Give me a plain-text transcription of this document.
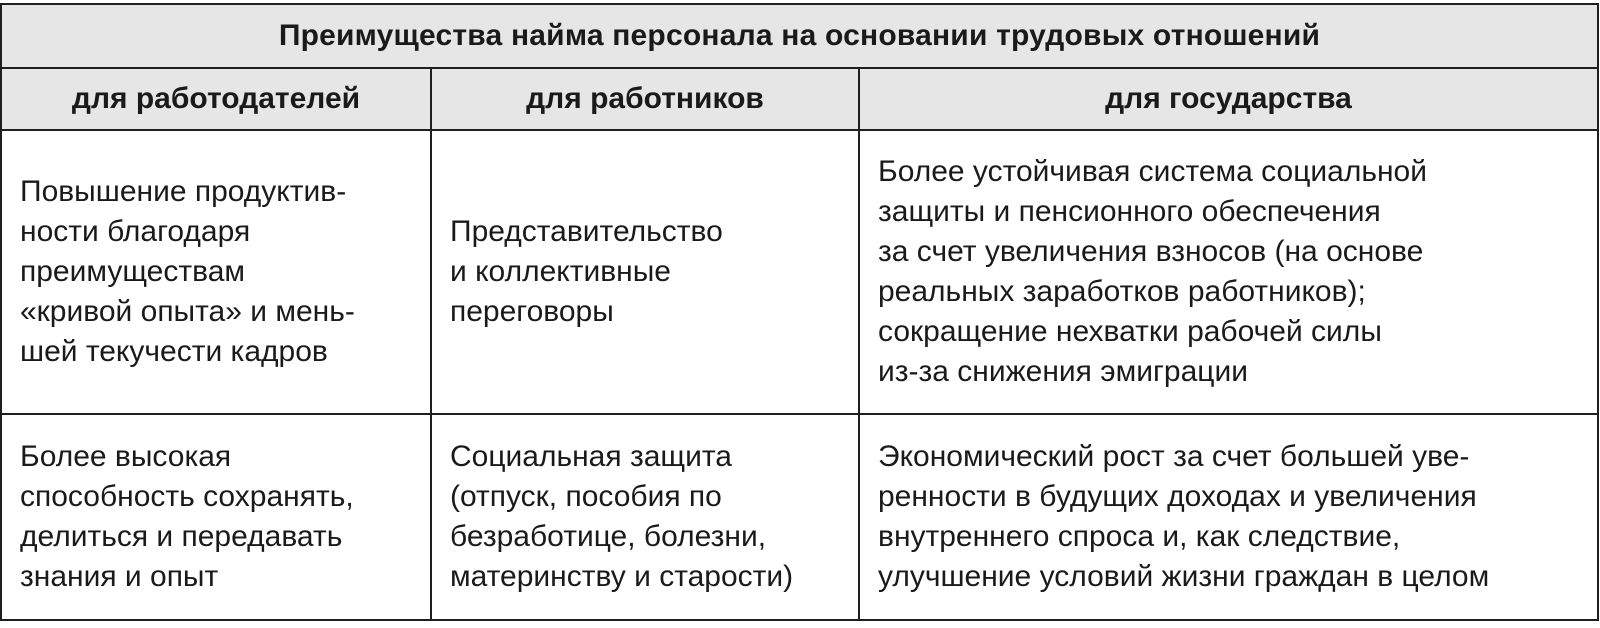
Преимущества найма персонала на основании трудовых отношений
для работодателей	для работников	для государства
Повышение продуктив-
ности благодаря
преимуществам
«кривой опыта» и мень-
шей текучести кадров
Представительство
и коллективные
переговоры
Более устойчивая система социальной
защиты и пенсионного обеспечения
за счет увеличения взносов (на основе
реальных заработков работников);
сокращение нехватки рабочей силы
из-за снижения эмиграции
Более высокая
способность сохранять,
делиться и передавать
знания и опыт
Социальная защита
(отпуск, пособия по
безработице, болезни,
материнству и старости)
Экономический рост за счет большей уве-
ренности в будущих доходах и увеличения
внутреннего спроса и, как следствие,
улучшение условий жизни граждан в целом
